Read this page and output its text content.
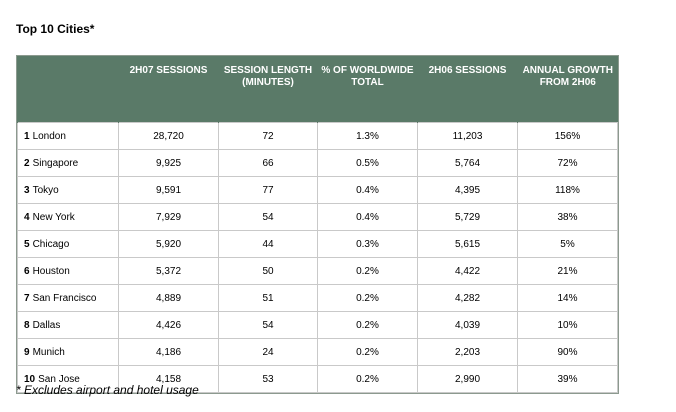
Top 10 Cities*
	2H07 SESSIONS	SESSION LENGTH (MINUTES)	% OF WORLDWIDE TOTAL	2H06 SESSIONS	ANNUAL GROWTH FROM 2H06
1 London	28,720	72	1.3%	11,203	156%
2 Singapore	9,925	66	0.5%	5,764	72%
3 Tokyo	9,591	77	0.4%	4,395	118%
4 New York	7,929	54	0.4%	5,729	38%
5 Chicago	5,920	44	0.3%	5,615	5%
6 Houston	5,372	50	0.2%	4,422	21%
7 San Francisco	4,889	51	0.2%	4,282	14%
8 Dallas	4,426	54	0.2%	4,039	10%
9 Munich	4,186	24	0.2%	2,203	90%
10 San Jose	4,158	53	0.2%	2,990	39%
* Excludes airport and hotel usage
